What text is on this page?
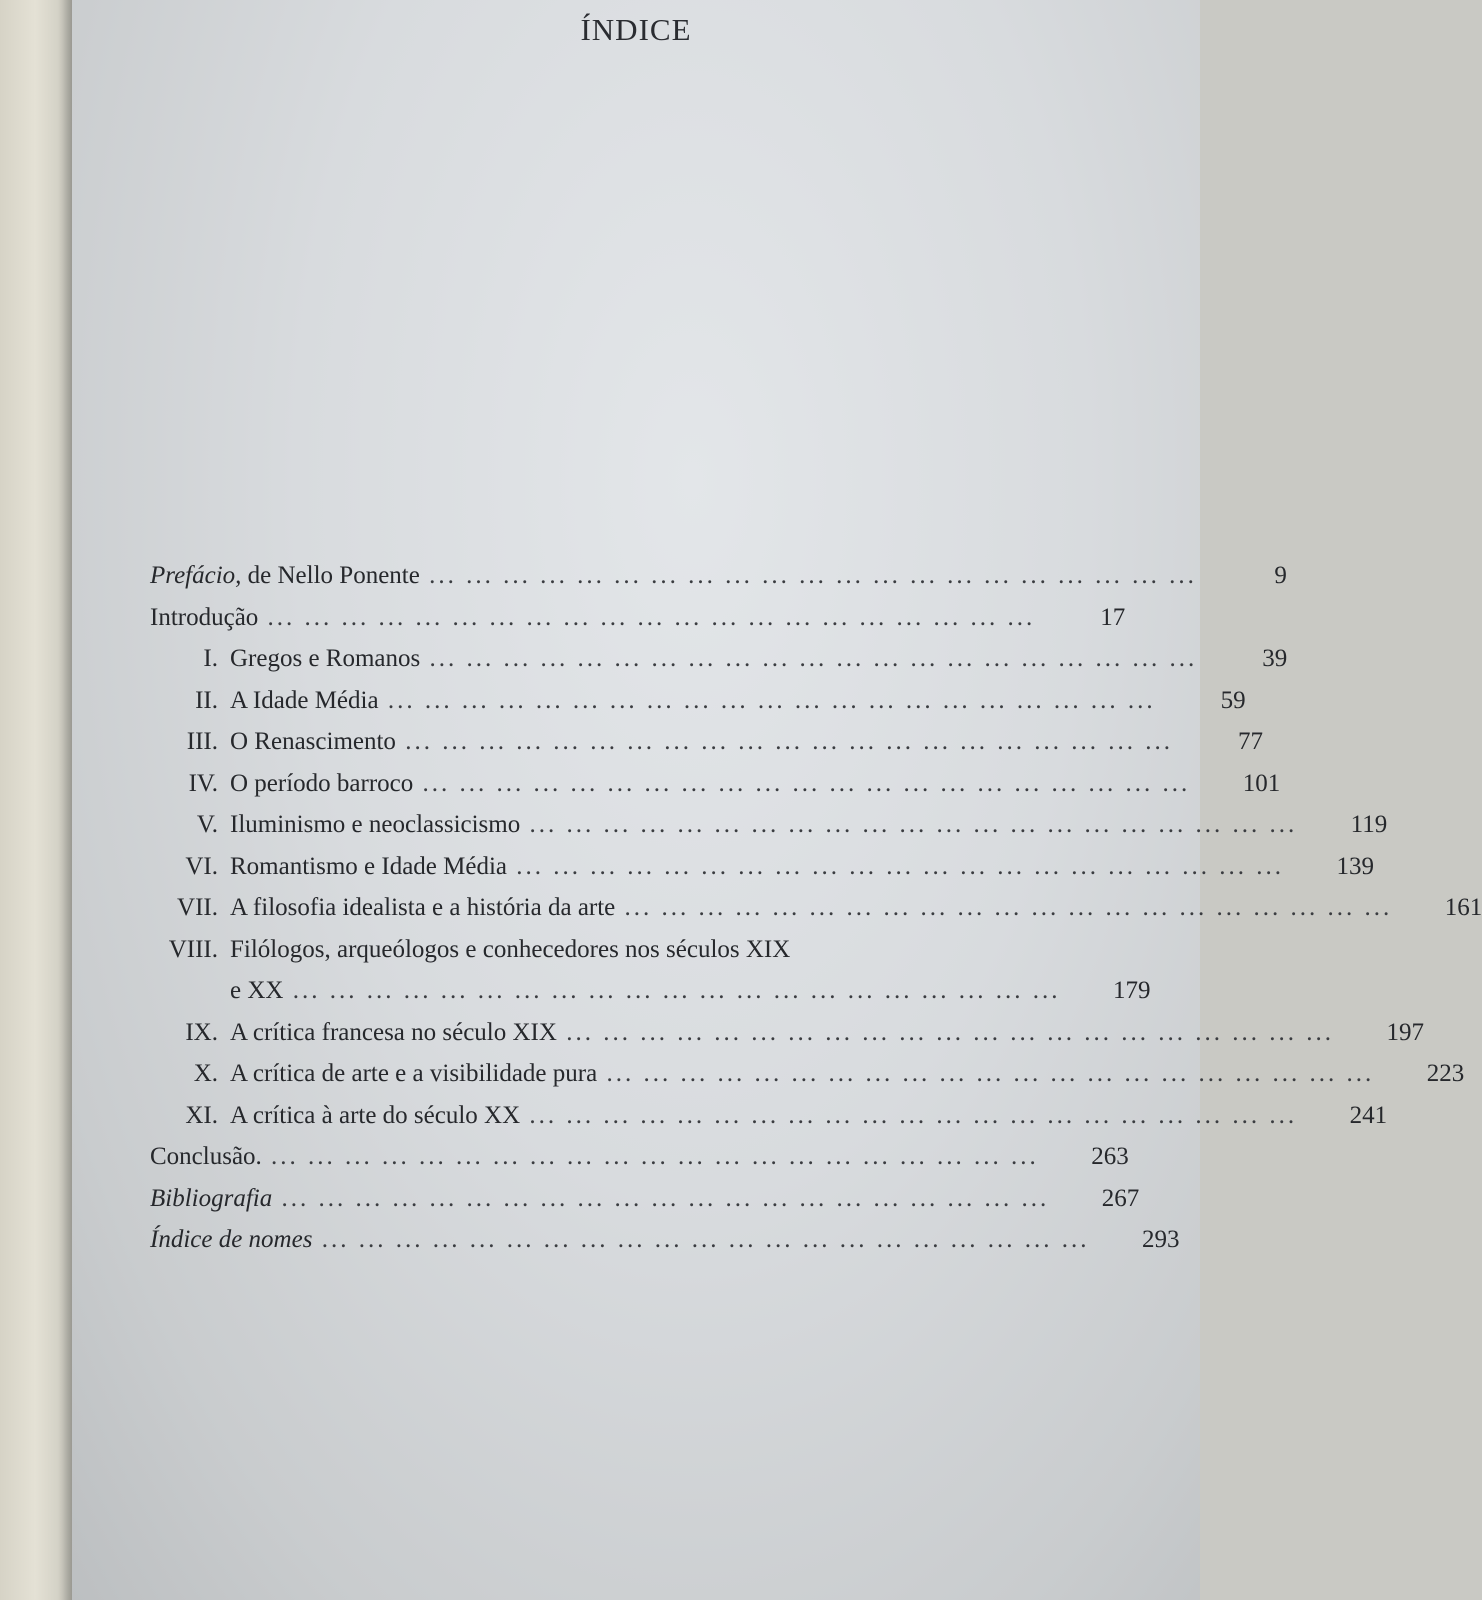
ÍNDICE
Prefácio, de Nello Ponente ... ... ... ... ... ... ... ... ... ... ... ... ... ... ... ... ... ... ... ... ...	9
Introdução ... ... ... ... ... ... ... ... ... ... ... ... ... ... ... ... ... ... ... ... ...	17
I. Gregos e Romanos ... ... ... ... ... ... ... ... ... ... ... ... ... ... ... ... ... ... ... ... ...	39
II. A Idade Média ... ... ... ... ... ... ... ... ... ... ... ... ... ... ... ... ... ... ... ... ...	59
III. O Renascimento ... ... ... ... ... ... ... ... ... ... ... ... ... ... ... ... ... ... ... ... ...	77
IV. O período barroco ... ... ... ... ... ... ... ... ... ... ... ... ... ... ... ... ... ... ... ... ...	101
V. Iluminismo e neoclassicismo ... ... ... ... ... ... ... ... ... ... ... ... ... ... ... ... ... ... ... ... ...	119
VI. Romantismo e Idade Média ... ... ... ... ... ... ... ... ... ... ... ... ... ... ... ... ... ... ... ... ...	139
VII. A filosofia idealista e a história da arte ... ... ... ... ... ... ... ... ... ... ... ... ... ... ... ... ... ... ... ... ...	161
VIII. Filólogos, arqueólogos e conhecedores nos séculos XIX
e XX ... ... ... ... ... ... ... ... ... ... ... ... ... ... ... ... ... ... ... ... ...	179
IX. A crítica francesa no século XIX ... ... ... ... ... ... ... ... ... ... ... ... ... ... ... ... ... ... ... ... ...	197
X. A crítica de arte e a visibilidade pura ... ... ... ... ... ... ... ... ... ... ... ... ... ... ... ... ... ... ... ... ...	223
XI. A crítica à arte do século XX ... ... ... ... ... ... ... ... ... ... ... ... ... ... ... ... ... ... ... ... ...	241
Conclusão. ... ... ... ... ... ... ... ... ... ... ... ... ... ... ... ... ... ... ... ... ...	263
Bibliografia ... ... ... ... ... ... ... ... ... ... ... ... ... ... ... ... ... ... ... ... ...	267
Índice de nomes ... ... ... ... ... ... ... ... ... ... ... ... ... ... ... ... ... ... ... ... ...	293
